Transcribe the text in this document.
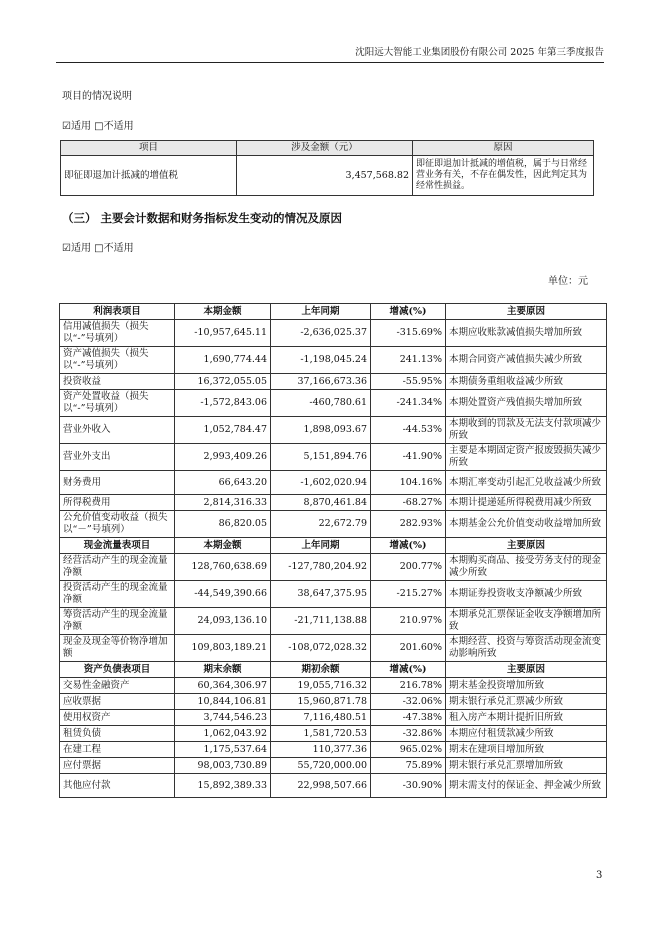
沈阳远大智能工业集团股份有限公司 2025 年第三季度报告
项目的情况说明
☑适用 □不适用
项目	涉及金额（元）	原因
即征即退加计抵减的增值税	3,457,568.82	即征即退加计抵减的增值税，属于与日常经营业务有关，不存在偶发性，因此判定其为经常性损益。
（三） 主要会计数据和财务指标发生变动的情况及原因
☑适用 □不适用
单位：元
利润表项目	本期金额	上年同期	增减(%)	主要原因
信用减值损失（损失以“-”号填列）	-10,957,645.11	-2,636,025.37	-315.69%	本期应收账款减值损失增加所致
资产减值损失（损失以“-”号填列）	1,690,774.44	-1,198,045.24	241.13%	本期合同资产减值损失减少所致
投资收益	16,372,055.05	37,166,673.36	-55.95%	本期债务重组收益减少所致
资产处置收益（损失以“-”号填列）	-1,572,843.06	-460,780.61	-241.34%	本期处置资产残值损失增加所致
营业外收入	1,052,784.47	1,898,093.67	-44.53%	本期收到的罚款及无法支付款项减少所致
营业外支出	2,993,409.26	5,151,894.76	-41.90%	主要是本期固定资产报废毁损失减少所致
财务费用	66,643.20	-1,602,020.94	104.16%	本期汇率变动引起汇兑收益减少所致
所得税费用	2,814,316.33	8,870,461.84	-68.27%	本期计提递延所得税费用减少所致
公允价值变动收益（损失以“－”号填列）	86,820.05	22,672.79	282.93%	本期基金公允价值变动收益增加所致
现金流量表项目	本期金额	上年同期	增减(%)	主要原因
经营活动产生的现金流量净额	128,760,638.69	-127,780,204.92	200.77%	本期购买商品、接受劳务支付的现金减少所致
投资活动产生的现金流量净额	-44,549,390.66	38,647,375.95	-215.27%	本期证券投资收支净额减少所致
筹资活动产生的现金流量净额	24,093,136.10	-21,711,138.88	210.97%	本期承兑汇票保证金收支净额增加所致
现金及现金等价物净增加额	109,803,189.21	-108,072,028.32	201.60%	本期经营、投资与筹资活动现金流变动影响所致
资产负债表项目	期末余额	期初余额	增减(%)	主要原因
交易性金融资产	60,364,306.97	19,055,716.32	216.78%	期末基金投资增加所致
应收票据	10,844,106.81	15,960,871.78	-32.06%	期末银行承兑汇票减少所致
使用权资产	3,744,546.23	7,116,480.51	-47.38%	租入房产本期计提折旧所致
租赁负债	1,062,043.92	1,581,720.53	-32.86%	本期应付租赁款减少所致
在建工程	1,175,537.64	110,377.36	965.02%	期末在建项目增加所致
应付票据	98,003,730.89	55,720,000.00	75.89%	期末银行承兑汇票增加所致
其他应付款	15,892,389.33	22,998,507.66	-30.90%	期末需支付的保证金、押金减少所致
3
